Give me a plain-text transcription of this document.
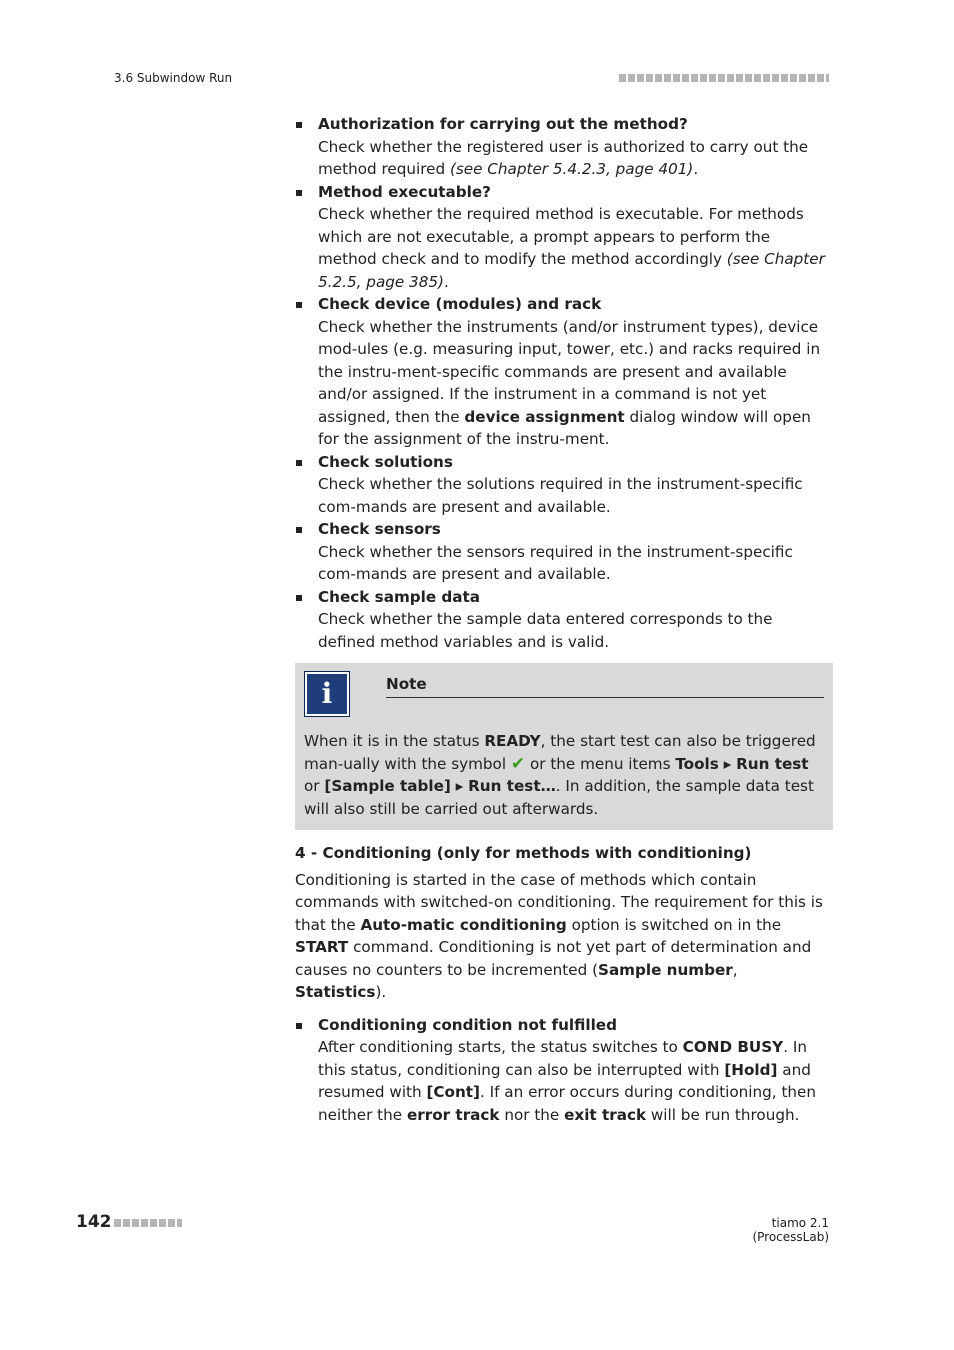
3.6 Subwindow Run
Authorization for carrying out the method?
Check whether the registered user is authorized to carry out the method required (see Chapter 5.4.2.3, page 401).
Method executable?
Check whether the required method is executable. For methods which are not executable, a prompt appears to perform the method check and to modify the method accordingly (see Chapter 5.2.5, page 385).
Check device (modules) and rack
Check whether the instruments (and/or instrument types), device mod-ules (e.g. measuring input, tower, etc.) and racks required in the instru-ment-specific commands are present and available and/or assigned. If the instrument in a command is not yet assigned, then the device assignment dialog window will open for the assignment of the instru-ment.
Check solutions
Check whether the solutions required in the instrument-specific com-mands are present and available.
Check sensors
Check whether the sensors required in the instrument-specific com-mands are present and available.
Check sample data
Check whether the sample data entered corresponds to the defined method variables and is valid.
i	Note
When it is in the status READY, the start test can also be triggered man-ually with the symbol ✔ or the menu items Tools ▸ Run test or [Sample table] ▸ Run test…. In addition, the sample data test will also still be carried out afterwards.
4 - Conditioning (only for methods with conditioning)
Conditioning is started in the case of methods which contain commands with switched-on conditioning. The requirement for this is that the Auto-matic conditioning option is switched on in the START command. Conditioning is not yet part of determination and causes no counters to be incremented (Sample number, Statistics).
Conditioning condition not fulfilled
After conditioning starts, the status switches to COND BUSY. In this status, conditioning can also be interrupted with [Hold] and resumed with [Cont]. If an error occurs during conditioning, then neither the error track nor the exit track will be run through.
142	tiamo 2.1 (ProcessLab)
